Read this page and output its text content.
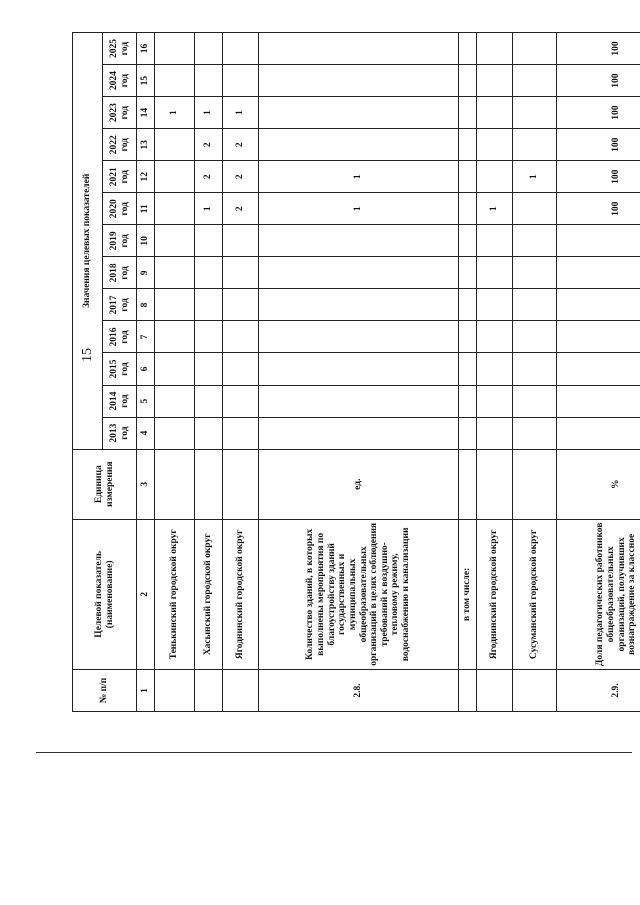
15
№ п/п	Целевой показатель (наименование)	Единица измерения	Значения целевых показателей												
			2013 год	2014 год	2015 год	2016 год	2017 год	2018 год	2019 год	2020 год	2021 год	2022 год	2023 год	2024 год	2025 год
1	2	3	4	5	6	7	8	9	10	11	12	13	14	15	16
	Тенькинский городской округ												1		
	Хасынский городской округ									1	2	2	1		
	Ягоднинский городской округ									2	2	2	1		
2.8.	Количество зданий, в которых выполнены мероприятия по благоустройству зданий государственных и муниципальных общеобразовательных организаций в целях соблюдения требований к воздушно-тепловому режиму, водоснабжению и канализации	ед.								1	1				
	в том числе:														
	Ягоднинский городской округ									1					
	Сусуманский городской округ										1				
2.9.	Доля педагогических работников общеобразовательных организаций, получивших вознаграждение за классное	%								100	100	100	100	100	100
